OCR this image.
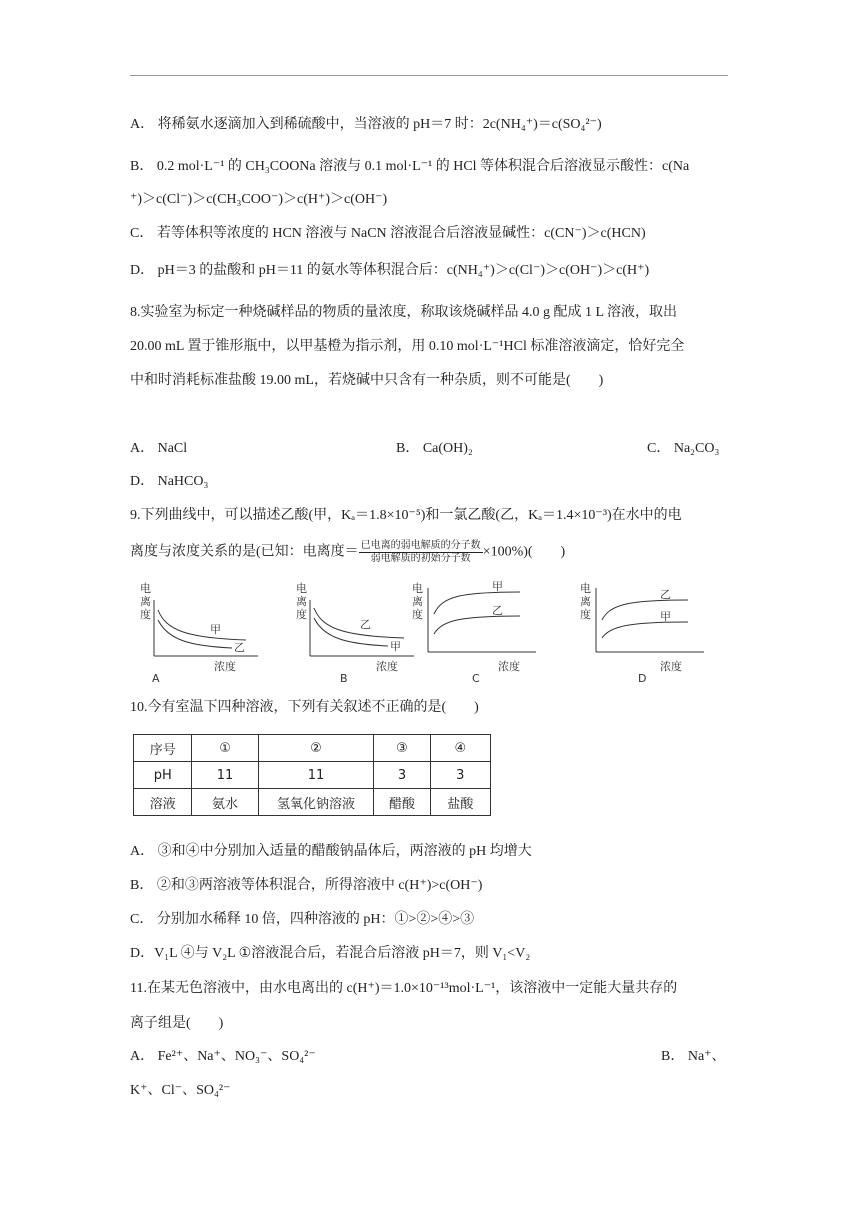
A． 将稀氨水逐滴加入到稀硫酸中，当溶液的 pH＝7 时：2c(NH₄⁺)＝c(SO₄²⁻)
B． 0.2 mol·L⁻¹ 的 CH₃COONa 溶液与 0.1 mol·L⁻¹ 的 HCl 等体积混合后溶液显示酸性：c(Na
⁺)＞c(Cl⁻)＞c(CH₃COO⁻)＞c(H⁺)＞c(OH⁻)
C． 若等体积等浓度的 HCN 溶液与 NaCN 溶液混合后溶液显碱性：c(CN⁻)＞c(HCN)
D． pH＝3 的盐酸和 pH＝11 的氨水等体积混合后：c(NH₄⁺)＞c(Cl⁻)＞c(OH⁻)＞c(H⁺)
8.实验室为标定一种烧碱样品的物质的量浓度，称取该烧碱样品 4.0 g 配成 1 L 溶液，取出
20.00 mL 置于锥形瓶中，以甲基橙为指示剂，用 0.10 mol·L⁻¹HCl 标准溶液滴定，恰好完全
中和时消耗标准盐酸 19.00 mL，若烧碱中只含有一种杂质，则不可能是(　　)
A． NaCl	B． Ca(OH)₂	C． Na₂CO₃
D． NaHCO₃
9.下列曲线中，可以描述乙酸(甲，Kₐ＝1.8×10⁻⁵)和一氯乙酸(乙，Kₐ＝1.4×10⁻³)在水中的电
离度与浓度关系的是(已知：电离度＝ 已电离的弱电解质的分子数
弱电解质的初始分子数 ×100%)(　　)
电
离
度
甲
乙
浓度
A
电
离
度
乙
甲
浓度
B
电
离
度
甲
乙
浓度
C
电
离
度
乙
甲
浓度
D
10.今有室温下四种溶液，下列有关叙述不正确的是(　　)
序号	①	②	③	④
pH	11	11	3	3
溶液	氨水	氢氧化钠溶液	醋酸	盐酸
A． ③和④中分别加入适量的醋酸钠晶体后，两溶液的 pH 均增大
B． ②和③两溶液等体积混合，所得溶液中 c(H⁺)>c(OH⁻)
C． 分别加水稀释 10 倍，四种溶液的 pH：①>②>④>③
D．V₁L ④与 V₂L ①溶液混合后，若混合后溶液 pH＝7，则 V₁<V₂
11.在某无色溶液中，由水电离出的 c(H⁺)＝1.0×10⁻¹³mol·L⁻¹，该溶液中一定能大量共存的
离子组是(　　)
A． Fe²⁺、Na⁺、NO₃⁻、SO₄²⁻	B． Na⁺、
K⁺、Cl⁻、SO₄²⁻
